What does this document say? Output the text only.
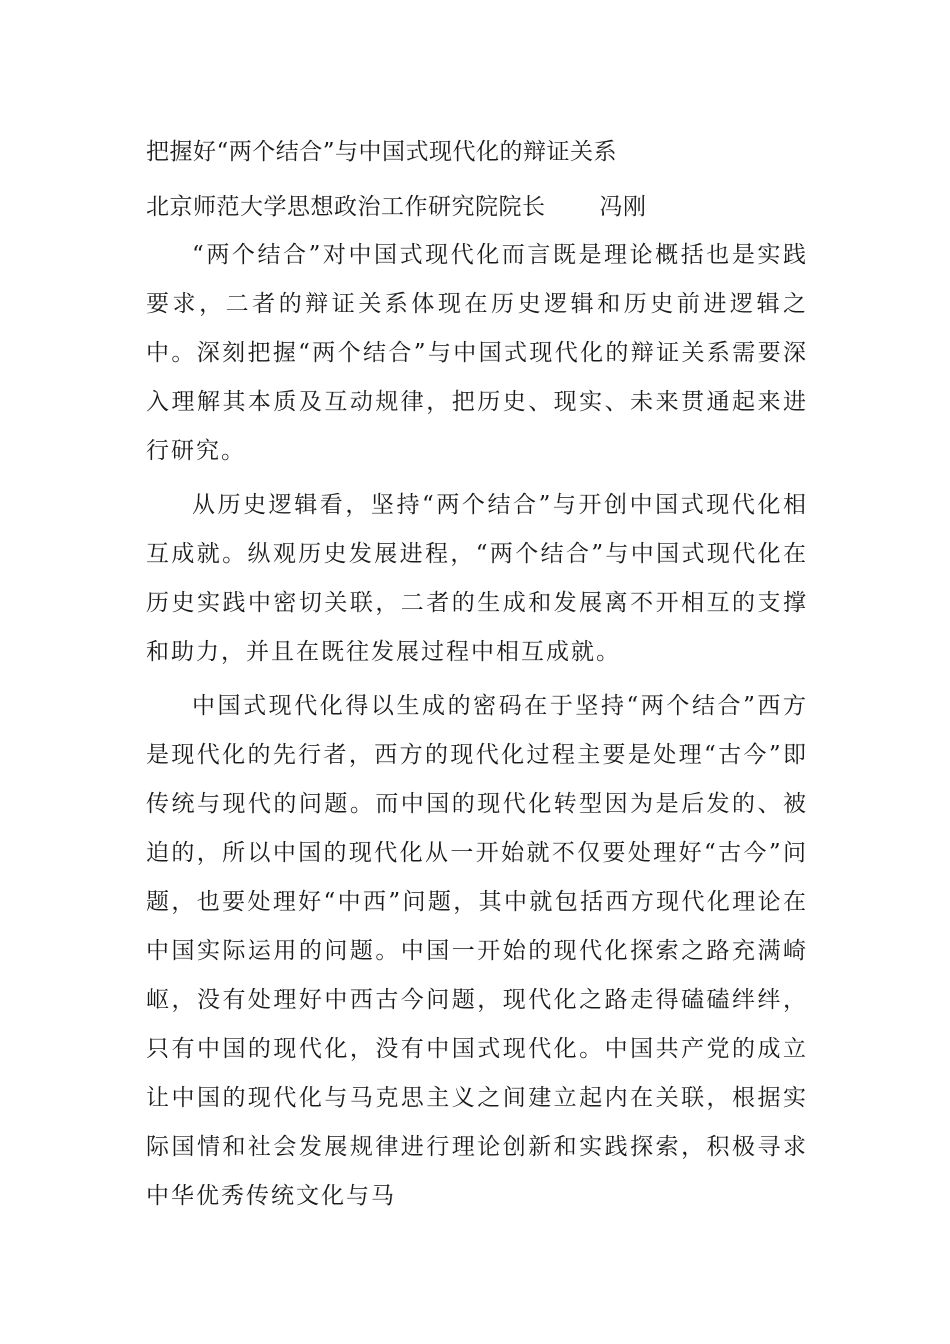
把握好“两个结合”与中国式现代化的辩证关系
北京师范大学思想政治工作研究院院长 冯刚

“两个结合”对中国式现代化而言既是理论概括也是实践要求，二者的辩证关系体现在历史逻辑和历史前进逻辑之中。深刻把握“两个结合”与中国式现代化的辩证关系需要深入理解其本质及互动规律，把历史、现实、未来贯通起来进行研究。

从历史逻辑看，坚持“两个结合”与开创中国式现代化相互成就。纵观历史发展进程，“两个结合”与中国式现代化在历史实践中密切关联，二者的生成和发展离不开相互的支撑和助力，并且在既往发展过程中相互成就。

中国式现代化得以生成的密码在于坚持“两个结合”西方是现代化的先行者，西方的现代化过程主要是处理“古今”即传统与现代的问题。而中国的现代化转型因为是后发的、被迫的，所以中国的现代化从一开始就不仅要处理好“古今”问题，也要处理好“中西”问题，其中就包括西方现代化理论在中国实际运用的问题。中国一开始的现代化探索之路充满崎岖，没有处理好中西古今问题，现代化之路走得磕磕绊绊，只有中国的现代化，没有中国式现代化。中国共产党的成立让中国的现代化与马克思主义之间建立起内在关联，根据实际国情和社会发展规律进行理论创新和实践探索，积极寻求中华优秀传统文化与马
